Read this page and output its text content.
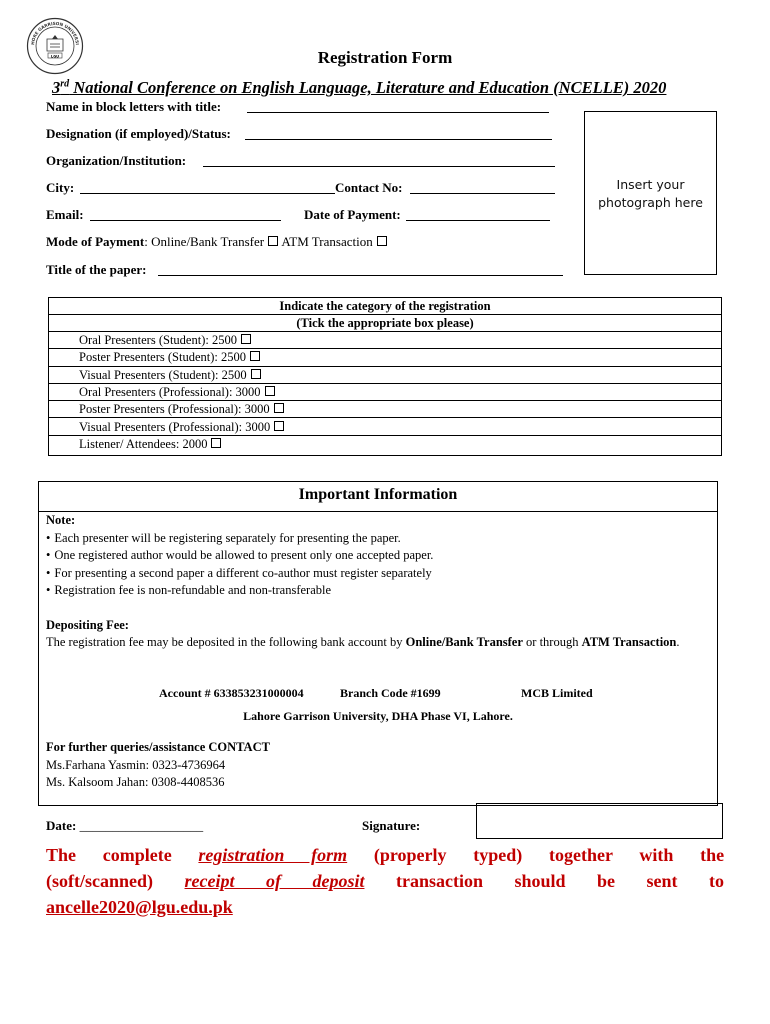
LGU
HORE GARRISON UNIVERSI
Registration Form
3rd National Conference on English Language, Literature and Education (NCELLE) 2020
Name in block letters with title:
Designation (if employed)/Status:
Organization/Institution:
City:	Contact No:
Email:	Date of Payment:
Mode of Payment: Online/Bank Transfer ATM Transaction
Title of the paper:
Insert your photograph here
Indicate the category of the registration
(Tick the appropriate box please)
Oral Presenters (Student): 2500
Poster Presenters (Student): 2500
Visual Presenters (Student): 2500
Oral Presenters (Professional): 3000
Poster Presenters (Professional): 3000
Visual Presenters (Professional): 3000
Listener/ Attendees: 2000
Important Information
Note:
• Each presenter will be registering separately for presenting the paper.
• One registered author would be allowed to present only one accepted paper.
• For presenting a second paper a different co-author must register separately
• Registration fee is non-refundable and non-transferable
Depositing Fee:
The registration fee may be deposited in the following bank account by Online/Bank Transfer or through ATM Transaction.
Account # 633853231000004	Branch Code #1699	MCB Limited
Lahore Garrison University, DHA Phase VI, Lahore.
For further queries/assistance CONTACT
Ms.Farhana Yasmin: 0323-4736964
Ms. Kalsoom Jahan: 0308-4408536
Date: ___________________	Signature:
The complete registration form (properly typed) together with the
(soft/scanned) receipt of deposit transaction should be sent to
ancelle2020@lgu.edu.pk
